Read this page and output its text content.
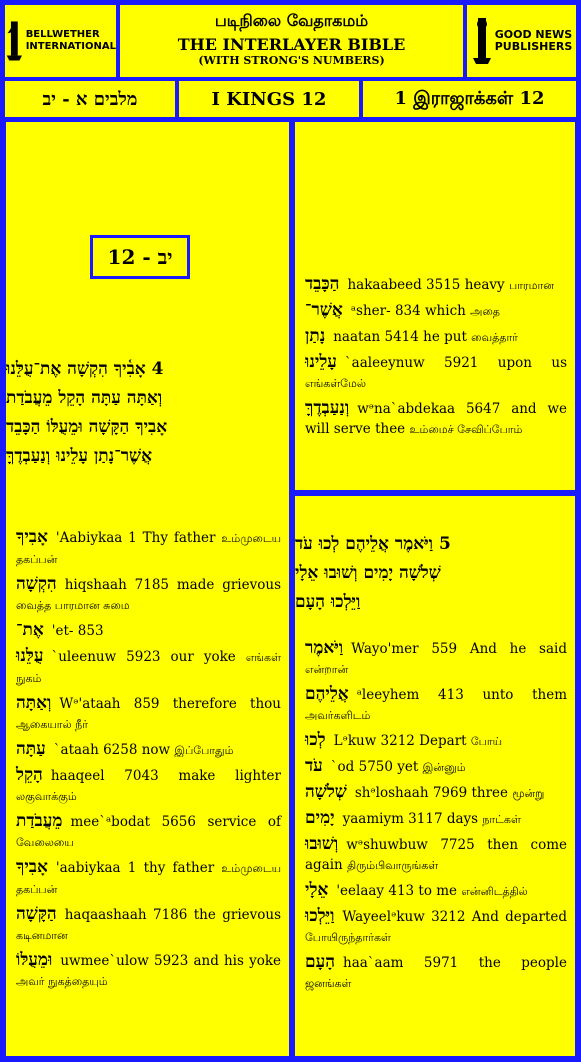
BELLWETHER
INTERNATIONAL
படிநிலை வேதாகமம்
THE INTERLAYER BIBLE
(WITH STRONG'S NUMBERS)
GOOD NEWS
PUBLISHERS
מלבים א - יב	I KINGS 12	1 இராஜாக்கள் 12
יב - 12
4 אָבִ֫יךָ הִקְשָׁה אֶת־עֻלֵּנוּ
וְאַתָּה עַתָּה הָקֵל מֵעֲבֹדַת
אָבִיךָ הַקָּשָׁה וּמֵעֻלּוֹ הַכָּבֵד
אֲשֶׁר־נָתַן עָלֵינוּ וְנַעַבְדֶךָּ
אָבִיךָ 'Aabiykaa 1 Thy father உம்முடைய தகப்பன்
הִקְשָׁה hiqshaah 7185 made grievous வைத்த பாரமான சுமை
אֶת־ 'et- 853
עֻלֵּנוּ `uleenuw 5923 our yoke எங்கள் நுகம்
וְאַתָּה Wᵊ'ataah 859 therefore thou ஆகையால் நீர்
עַתָּה `ataah 6258 now இப்போதும்
הָקֵל haaqeel 7043 make lighter லகுவாக்கும்
מֵעֲבֹדַת mee`ᵃbodat 5656 service of வேலையை
אָבִיךָ 'aabiykaa 1 thy father உம்முடைய தகப்பன்
הַקָּשָׁה haqaashaah 7186 the grievous கடினமான
וּמֵעֻלּוֹ uwmee`ulow 5923 and his yoke அவர் நுகத்தையும்
הַכָּבֵד hakaabeed 3515 heavy பாரமான
אֲשֶׁר־ ᵃsher- 834 which அதை
נָתַן naatan 5414 he put வைத்தார்
עָלֵינוּ `aaleeynuw 5921 upon us எங்கள்மேல்
וְנַעַבְדֶךָּ wᵊna`abdekaa 5647 and we will serve thee உம்மைச் சேவிப்போம்
5 וַיֹּאמֶר אֲלֵיהֶם לְכוּ עֹד
שְׁלֹשָׁה יָמִים וְשׁוּבוּ אֵלָי
וַיֵּלְכוּ הָעָם
וַיֹּאמֶר Wayo'mer 559 And he said என்றான்
אֲלֵיהֶם ᵃleeyhem 413 unto them அவர்களிடம்
לְכוּ Lᵊkuw 3212 Depart போய்
עֹד `od 5750 yet இன்னும்
שְׁלֹשָׁה shᵊloshaah 7969 three மூன்று
יָמִים yaamiym 3117 days நாட்கள்
וְשׁוּבוּ wᵊshuwbuw 7725 then come again திரும்பிவாருங்கள்
אֵלָי 'eelaay 413 to me என்னிடத்தில்
וַיֵּלְכוּ Wayeelᵊkuw 3212 And departed போயிருந்தார்கள்
הָעָם haa`aam 5971 the people ஜனங்கள்
